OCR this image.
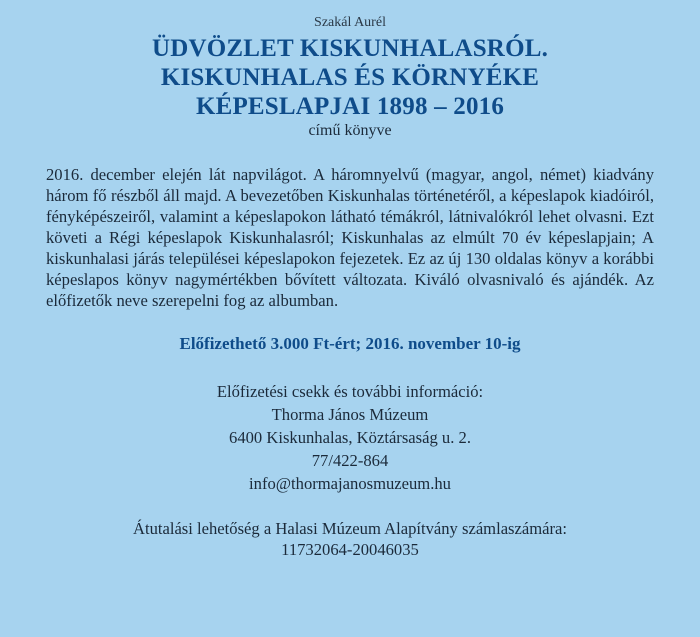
Szakál Aurél

ÜDVÖZLET KISKUNHALASRÓL.
KISKUNHALAS ÉS KÖRNYÉKE
KÉPESLAPJAI 1898 – 2016

című könyve

2016. december elején lát napvilágot. A háromnyelvű (magyar, angol, német) kiadvány három fő részből áll majd. A bevezetőben Kiskunhalas történetéről, a képeslapok kiadóiról, fényképészeiről, valamint a képeslapokon látható témákról, látnivalókról lehet olvasni. Ezt követi a Régi képeslapok Kiskunhalasról; Kiskunhalas az elmúlt 70 év képeslapjain; A kiskunhalasi járás települései képeslapokon fejezetek. Ez az új 130 oldalas könyv a korábbi képeslapos könyv nagymértékben bővített változata. Kiváló olvasnivaló és ajándék. Az előfizetők neve szerepelni fog az albumban.

Előfizethető 3.000 Ft-ért; 2016. november 10-ig

Előfizetési csekk és további információ:
Thorma János Múzeum
6400 Kiskunhalas, Köztársaság u. 2.
77/422-864
info@thormajanosmuzeum.hu
Átutalási lehetőség a Halasi Múzeum Alapítvány számlaszámára:
11732064-20046035
